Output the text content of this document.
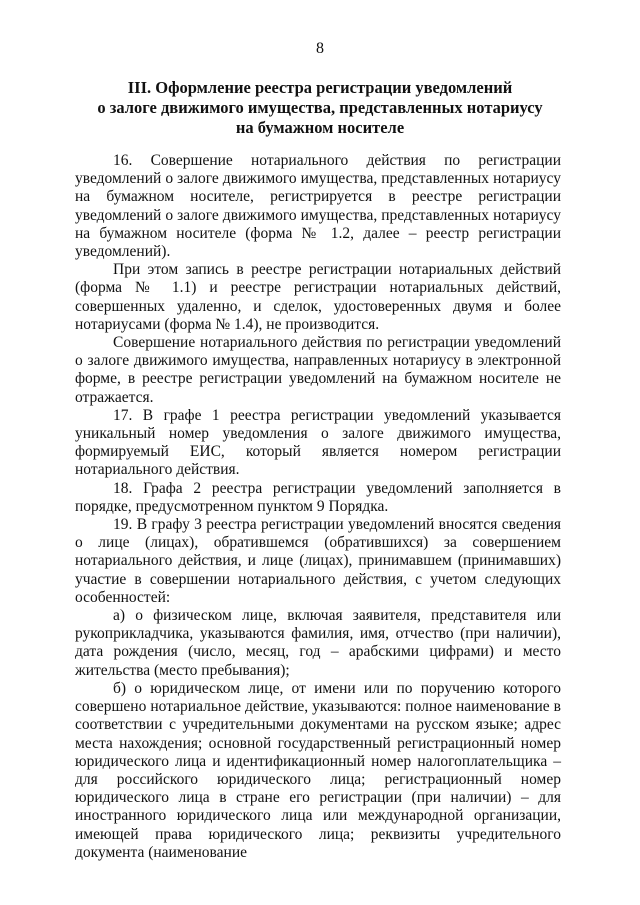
8
III. Оформление реестра регистрации уведомлений
о залоге движимого имущества, представленных нотариусу
на бумажном носителе

16. Совершение нотариального действия по регистрации уведомлений о залоге движимого имущества, представленных нотариусу на бумажном носителе, регистрируется в реестре регистрации уведомлений о залоге движимого имущества, представленных нотариусу на бумажном носителе (форма № 1.2, далее – реестр регистрации уведомлений).

При этом запись в реестре регистрации нотариальных действий (форма № 1.1) и реестре регистрации нотариальных действий, совершенных удаленно, и сделок, удостоверенных двумя и более нотариусами (форма № 1.4), не производится.

Совершение нотариального действия по регистрации уведомлений о залоге движимого имущества, направленных нотариусу в электронной форме, в реестре регистрации уведомлений на бумажном носителе не отражается.

17. В графе 1 реестра регистрации уведомлений указывается уникальный номер уведомления о залоге движимого имущества, формируемый ЕИС, который является номером регистрации нотариального действия.

18. Графа 2 реестра регистрации уведомлений заполняется в порядке, предусмотренном пунктом 9 Порядка.

19. В графу 3 реестра регистрации уведомлений вносятся сведения о лице (лицах), обратившемся (обратившихся) за совершением нотариального действия, и лице (лицах), принимавшем (принимавших) участие в совершении нотариального действия, с учетом следующих особенностей:

а) о физическом лице, включая заявителя, представителя или рукоприкладчика, указываются фамилия, имя, отчество (при наличии), дата рождения (число, месяц, год – арабскими цифрами) и место жительства (место пребывания);

б) о юридическом лице, от имени или по поручению которого совершено нотариальное действие, указываются: полное наименование в соответствии с учредительными документами на русском языке; адрес места нахождения; основной государственный регистрационный номер юридического лица и идентификационный номер налогоплательщика – для российского юридического лица; регистрационный номер юридического лица в стране его регистрации (при наличии) – для иностранного юридического лица или международной организации, имеющей права юридического лица; реквизиты учредительного документа (наименование
